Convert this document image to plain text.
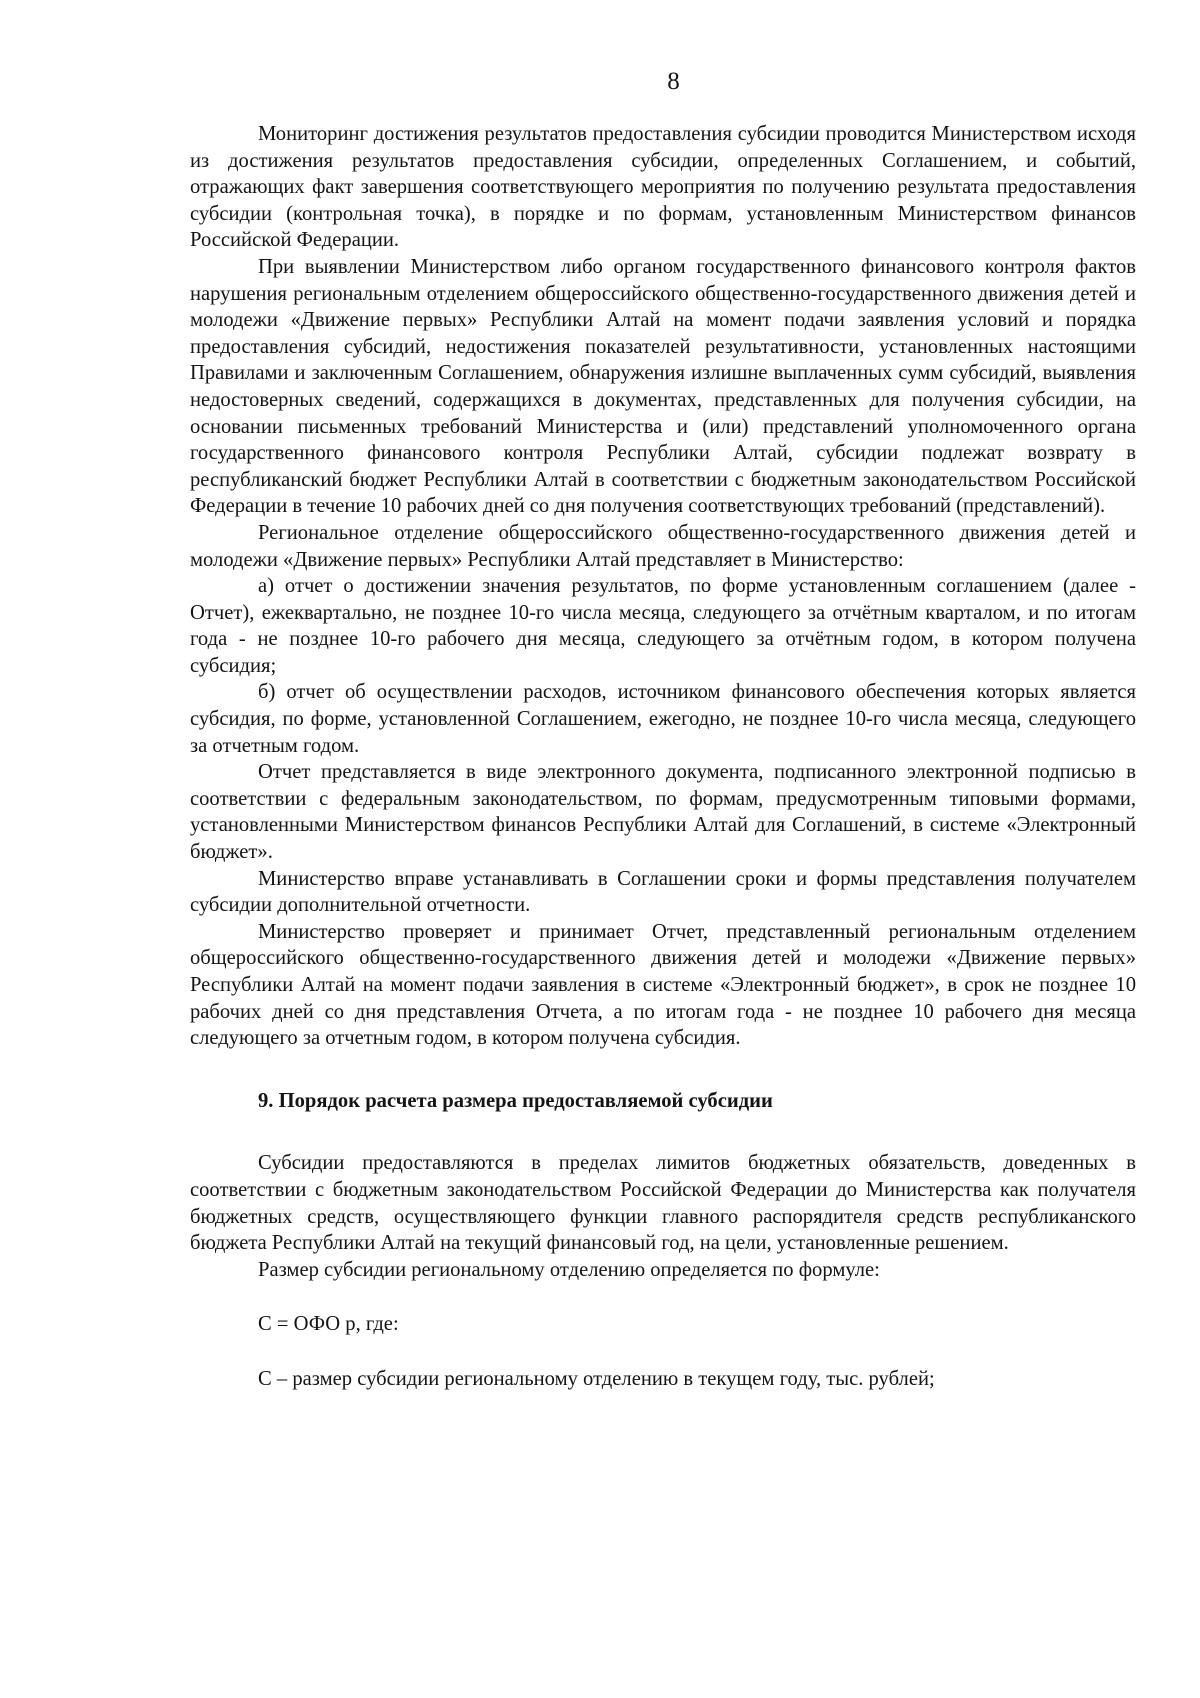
8

Мониторинг достижения результатов предоставления субсидии проводится Министерством исходя из достижения результатов предоставления субсидии, определенных Соглашением, и событий, отражающих факт завершения соответствующего мероприятия по получению результата предоставления субсидии (контрольная точка), в порядке и по формам, установленным Министерством финансов Российской Федерации.

При выявлении Министерством либо органом государственного финансового контроля фактов нарушения региональным отделением общероссийского общественно-государственного движения детей и молодежи «Движение первых» Республики Алтай на момент подачи заявления условий и порядка предоставления субсидий, недостижения показателей результативности, установленных настоящими Правилами и заключенным Соглашением, обнаружения излишне выплаченных сумм субсидий, выявления недостоверных сведений, содержащихся в документах, представленных для получения субсидии, на основании письменных требований Министерства и (или) представлений уполномоченного органа государственного финансового контроля Республики Алтай, субсидии подлежат возврату в республиканский бюджет Республики Алтай в соответствии с бюджетным законодательством Российской Федерации в течение 10 рабочих дней со дня получения соответствующих требований (представлений).

Региональное отделение общероссийского общественно-государственного движения детей и молодежи «Движение первых» Республики Алтай представляет в Министерство:

а) отчет о достижении значения результатов, по форме установленным соглашением (далее - Отчет), ежеквартально, не позднее 10-го числа месяца, следующего за отчётным кварталом, и по итогам года - не позднее 10-го рабочего дня месяца, следующего за отчётным годом, в котором получена субсидия;

б) отчет об осуществлении расходов, источником финансового обеспечения которых является субсидия, по форме, установленной Соглашением, ежегодно, не позднее 10-го числа месяца, следующего за отчетным годом.

Отчет представляется в виде электронного документа, подписанного электронной подписью в соответствии с федеральным законодательством, по формам, предусмотренным типовыми формами, установленными Министерством финансов Республики Алтай для Соглашений, в системе «Электронный бюджет».

Министерство вправе устанавливать в Соглашении сроки и формы представления получателем субсидии дополнительной отчетности.

Министерство проверяет и принимает Отчет, представленный региональным отделением общероссийского общественно-государственного движения детей и молодежи «Движение первых» Республики Алтай на момент подачи заявления в системе «Электронный бюджет», в срок не позднее 10 рабочих дней со дня представления Отчета, а по итогам года - не позднее 10 рабочего дня месяца следующего за отчетным годом, в котором получена субсидия.

9. Порядок расчета размера предоставляемой субсидии

Субсидии предоставляются в пределах лимитов бюджетных обязательств, доведенных в соответствии с бюджетным законодательством Российской Федерации до Министерства как получателя бюджетных средств, осуществляющего функции главного распорядителя средств республиканского бюджета Республики Алтай на текущий финансовый год, на цели, установленные решением.

Размер субсидии региональному отделению определяется по формуле:

С = ОФО р, где:

С – размер субсидии региональному отделению в текущем году, тыс. рублей;
